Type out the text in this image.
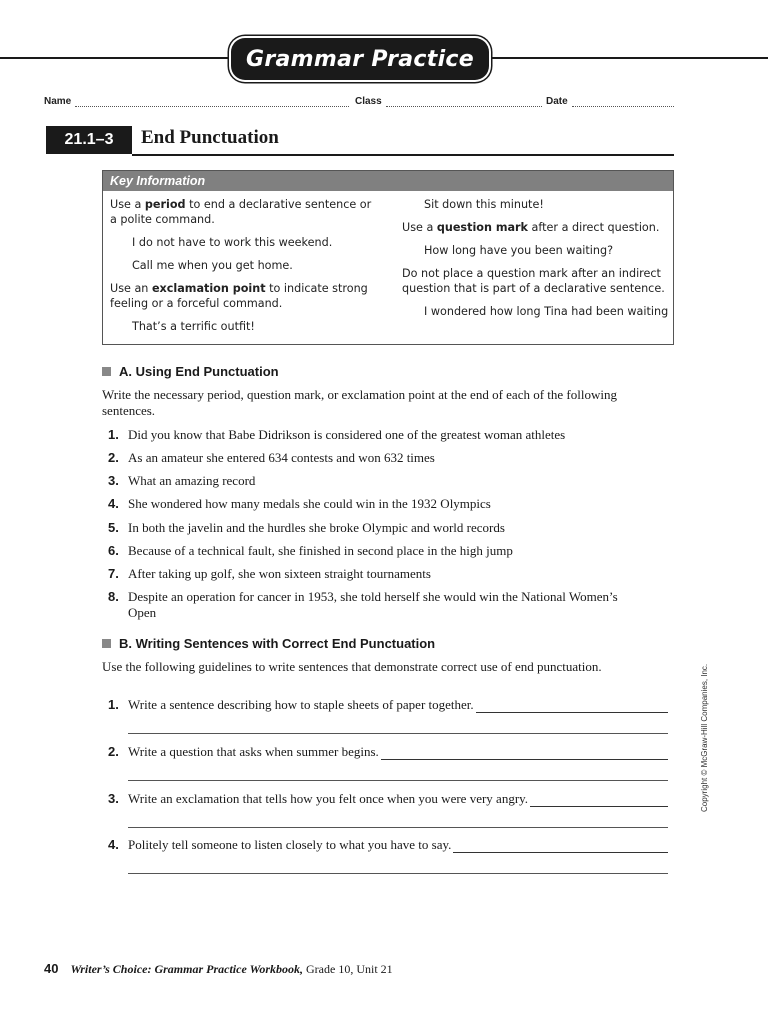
Grammar Practice
Name	Class	Date
21.1–3	End Punctuation
Key Information

Use a period to end a declarative sentence or a polite command.

I do not have to work this weekend.

Call me when you get home.

Use an exclamation point to indicate strong feeling or a forceful command.

That’s a terrific outfit!

Sit down this minute!

Use a question mark after a direct question.

How long have you been waiting?

Do not place a question mark after an indirect question that is part of a declarative sentence.

I wondered how long Tina had been waiting

A. Using End Punctuation
Write the necessary period, question mark, or exclamation point at the end of each of the following sentences.
1. Did you know that Babe Didrikson is considered one of the greatest woman athletes
2. As an amateur she entered 634 contests and won 632 times
3. What an amazing record
4. She wondered how many medals she could win in the 1932 Olympics
5. In both the javelin and the hurdles she broke Olympic and world records
6. Because of a technical fault, she finished in second place in the high jump
7. After taking up golf, she won sixteen straight tournaments
8. Despite an operation for cancer in 1953, she told herself she would win the National Women’s Open
B. Writing Sentences with Correct End Punctuation
Use the following guidelines to write sentences that demonstrate correct use of end punctuation.
1. Write a sentence describing how to staple sheets of paper together.
2. Write a question that asks when summer begins.
3. Write an exclamation that tells how you felt once when you were very angry.
4. Politely tell someone to listen closely to what you have to say.
Copyright © McGraw-Hill Companies, Inc.
40 Writer’s Choice: Grammar Practice Workbook,
Grade 10, Unit 21
